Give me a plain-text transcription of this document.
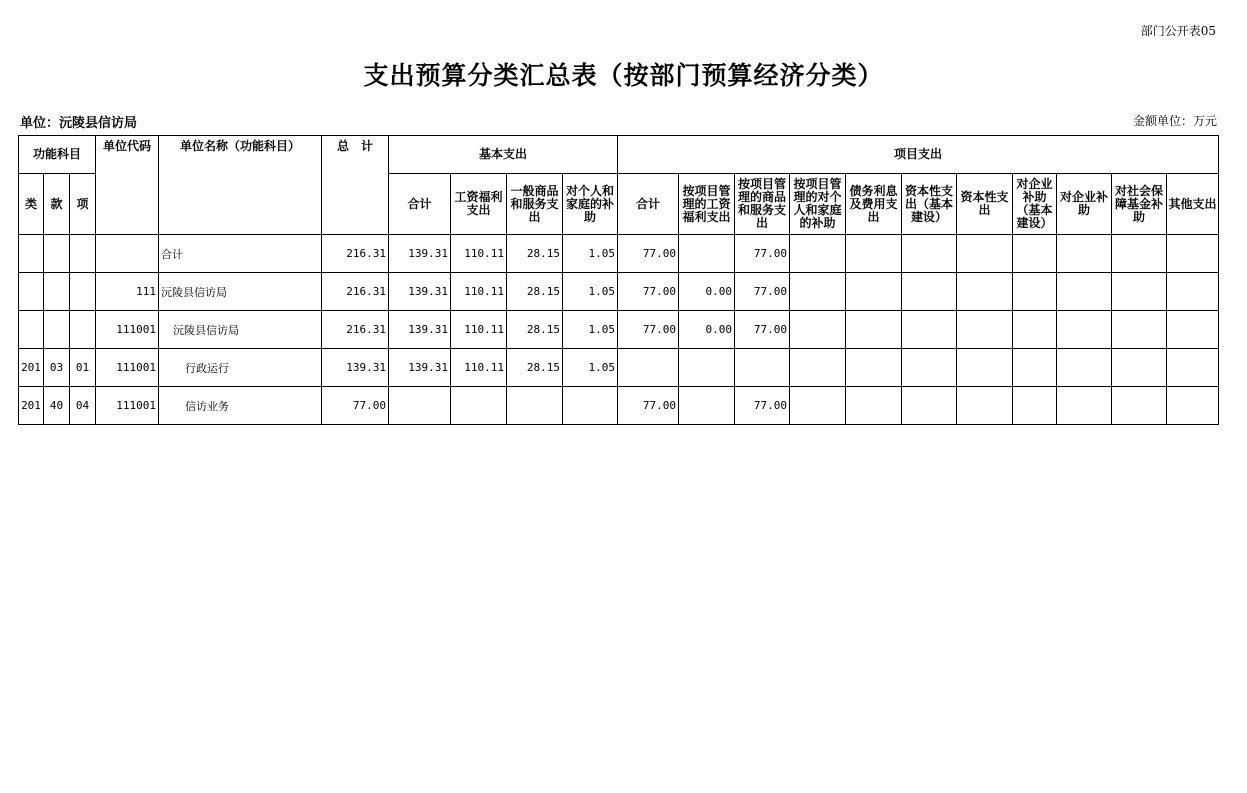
部门公开表05
支出预算分类汇总表（按部门预算经济分类）
单位：沅陵县信访局	金额单位：万元
功能科目			单位代码	单位名称（功能科目）	总　计	基本支出				项目支出										
类	款	项				合计	工资福利支出	一般商品和服务支出	对个人和家庭的补助	合计	按项目管理的工资福利支出	按项目管理的商品和服务支出	按项目管理的对个人和家庭的补助	债务利息及费用支出	资本性支出（基本建设）	资本性支出	对企业补助（基本建设）	对企业补助	对社会保障基金补助	其他支出
				合计	216.31	139.31	110.11	28.15	1.05	77.00		77.00								
			111	沅陵县信访局	216.31	139.31	110.11	28.15	1.05	77.00	0.00	77.00								
			111001	沅陵县信访局	216.31	139.31	110.11	28.15	1.05	77.00	0.00	77.00								
201	03	01	111001	行政运行	139.31	139.31	110.11	28.15	1.05											
201	40	04	111001	信访业务	77.00					77.00		77.00								
